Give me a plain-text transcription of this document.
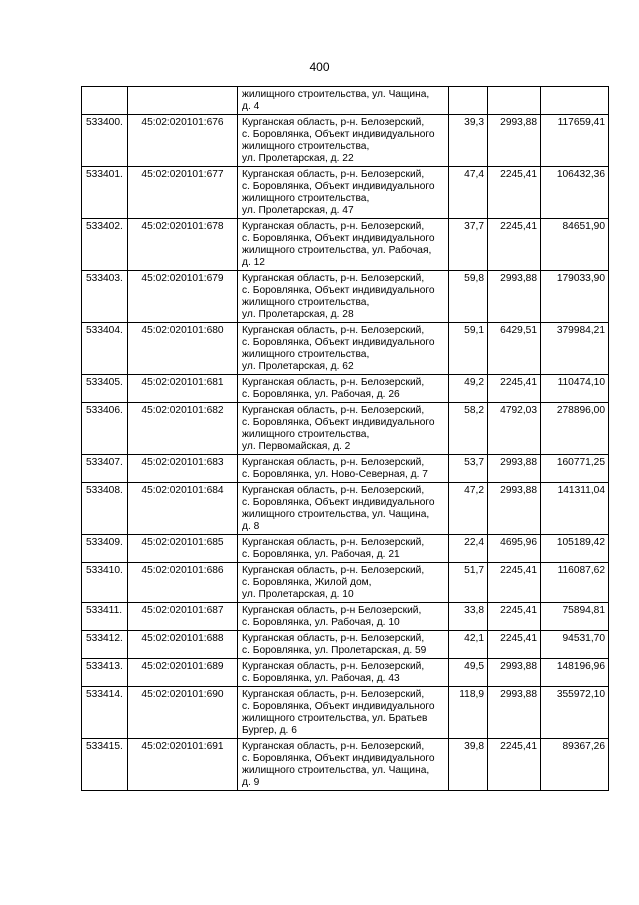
400

		жилищного строительства, ул. Чащина,
д. 4			

533400.	45:02:020101:676	Курганская область, р-н. Белозерский,
с. Боровлянка, Объект индивидуального
жилищного строительства,
ул. Пролетарская, д. 22	39,3	2993,88	117659,41
533401.	45:02:020101:677	Курганская область, р-н. Белозерский,
с. Боровлянка, Объект индивидуального
жилищного строительства,
ул. Пролетарская, д. 47	47,4	2245,41	106432,36
533402.	45:02:020101:678	Курганская область, р-н. Белозерский,
с. Боровлянка, Объект индивидуального
жилищного строительства, ул. Рабочая,
д. 12	37,7	2245,41	84651,90
533403.	45:02:020101:679	Курганская область, р-н. Белозерский,
с. Боровлянка, Объект индивидуального
жилищного строительства,
ул. Пролетарская, д. 28	59,8	2993,88	179033,90
533404.	45:02:020101:680	Курганская область, р-н. Белозерский,
с. Боровлянка, Объект индивидуального
жилищного строительства,
ул. Пролетарская, д. 62	59,1	6429,51	379984,21
533405.	45:02:020101:681	Курганская область, р-н. Белозерский,
с. Боровлянка, ул. Рабочая, д. 26	49,2	2245,41	110474,10
533406.	45:02:020101:682	Курганская область, р-н. Белозерский,
с. Боровлянка, Объект индивидуального
жилищного строительства,
ул. Первомайская, д. 2	58,2	4792,03	278896,00
533407.	45:02:020101:683	Курганская область, р-н. Белозерский,
с. Боровлянка, ул. Ново-Северная, д. 7	53,7	2993,88	160771,25
533408.	45:02:020101:684	Курганская область, р-н. Белозерский,
с. Боровлянка, Объект индивидуального
жилищного строительства, ул. Чащина,
д. 8	47,2	2993,88	141311,04
533409.	45:02:020101:685	Курганская область, р-н. Белозерский,
с. Боровлянка, ул. Рабочая, д. 21	22,4	4695,96	105189,42
533410.	45:02:020101:686	Курганская область, р-н. Белозерский,
с. Боровлянка, Жилой дом,
ул. Пролетарская, д. 10	51,7	2245,41	116087,62
533411.	45:02:020101:687	Курганская область, р-н Белозерский,
с. Боровлянка, ул. Рабочая, д. 10	33,8	2245,41	75894,81
533412.	45:02:020101:688	Курганская область, р-н. Белозерский,
с. Боровлянка, ул. Пролетарская, д. 59	42,1	2245,41	94531,70
533413.	45:02:020101:689	Курганская область, р-н. Белозерский,
с. Боровлянка, ул. Рабочая, д. 43	49,5	2993,88	148196,96
533414.	45:02:020101:690	Курганская область, р-н. Белозерский,
с. Боровлянка, Объект индивидуального
жилищного строительства, ул. Братьев
Бургер, д. 6	118,9	2993,88	355972,10
533415.	45:02:020101:691	Курганская область, р-н. Белозерский,
с. Боровлянка, Объект индивидуального
жилищного строительства, ул. Чащина,
д. 9	39,8	2245,41	89367,26
